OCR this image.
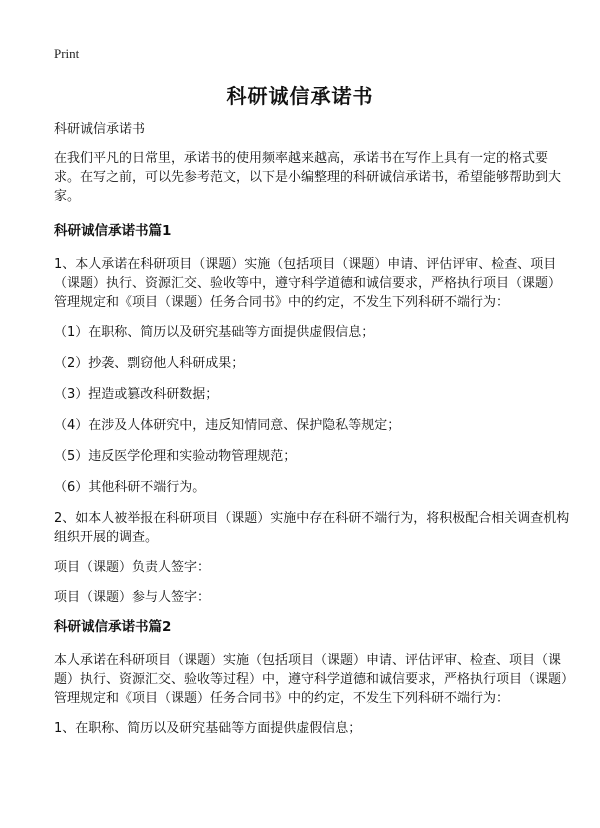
Print
科研诚信承诺书

科研诚信承诺书

在我们平凡的日常里，承诺书的使用频率越来越高，承诺书在写作上具有一定的格式要求。在写之前，可以先参考范文，以下是小编整理的科研诚信承诺书，希望能够帮助到大家。

科研诚信承诺书篇1

1、本人承诺在科研项目（课题）实施（包括项目（课题）申请、评估评审、检查、项目（课题）执行、资源汇交、验收等中，遵守科学道德和诚信要求，严格执行项目（课题）管理规定和《项目（课题）任务合同书》中的约定，不发生下列科研不端行为：

（1）在职称、简历以及研究基础等方面提供虚假信息；
（2）抄袭、剽窃他人科研成果；
（3）捏造或篡改科研数据；
（4）在涉及人体研究中，违反知情同意、保护隐私等规定；
（5）违反医学伦理和实验动物管理规范；
（6）其他科研不端行为。

2、如本人被举报在科研项目（课题）实施中存在科研不端行为，将积极配合相关调查机构组织开展的调查。

项目（课题）负责人签字：

项目（课题）参与人签字：

科研诚信承诺书篇2

本人承诺在科研项目（课题）实施（包括项目（课题）申请、评估评审、检查、项目（课题）执行、资源汇交、验收等过程）中，遵守科学道德和诚信要求，严格执行项目（课题）管理规定和《项目（课题）任务合同书》中的约定，不发生下列科研不端行为：

1、在职称、简历以及研究基础等方面提供虚假信息；
